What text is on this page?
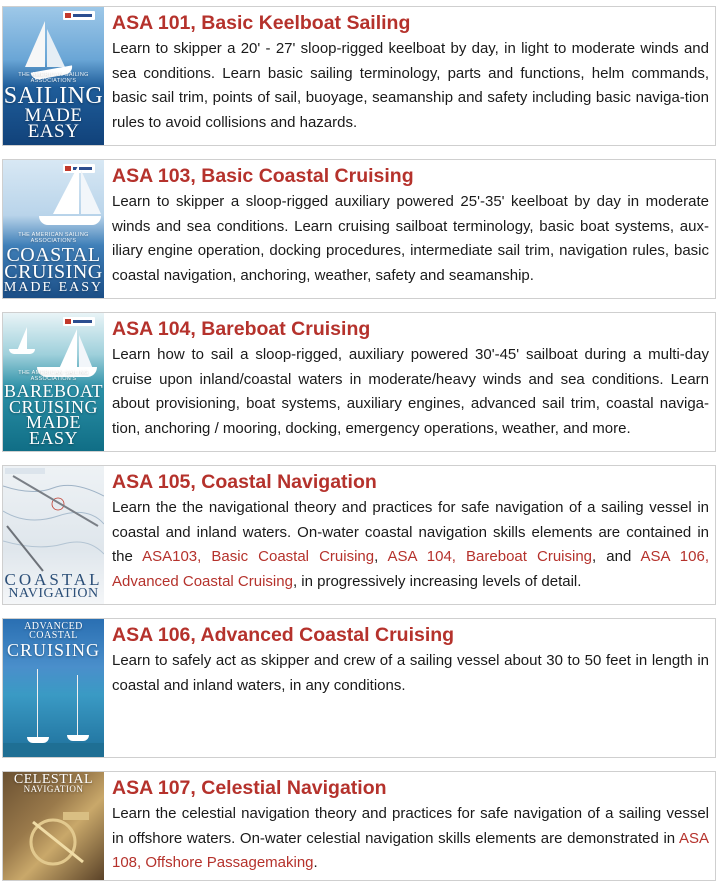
THE AMERICAN SAILING ASSOCIATION'S
SAILING
MADE EASY
ASA 101, Basic Keelboat Sailing

Learn to skipper a 20' - 27' sloop-rigged keelboat by day, in light to moderate winds and sea conditions. Learn basic sailing terminology, parts and functions, helm commands, basic sail trim, points of sail, buoyage, seamanship and safety including basic naviga-tion rules to avoid collisions and hazards.

THE AMERICAN SAILING ASSOCIATION'S
COASTAL
CRUISING
MADE EASY
ASA 103, Basic Coastal Cruising

Learn to skipper a sloop-rigged auxiliary powered 25'-35' keelboat by day in moderate winds and sea conditions. Learn cruising sailboat terminology, basic boat systems, aux-iliary engine operation, docking procedures, intermediate sail trim, navigation rules, basic coastal navigation, anchoring, weather, safety and seamanship.

THE AMERICAN SAILING ASSOCIATION'S
BAREBOAT
CRUISING
MADE EASY
ASA 104, Bareboat Cruising

Learn how to sail a sloop-rigged, auxiliary powered 30'-45' sailboat during a multi-day cruise upon inland/coastal waters in moderate/heavy winds and sea conditions. Learn about provisioning, boat systems, auxiliary engines, advanced sail trim, coastal naviga-tion, anchoring / mooring, docking, emergency operations, weather, and more.

COASTAL
NAVIGATION
ASA 105, Coastal Navigation

Learn the the navigational theory and practices for safe navigation of a sailing vessel in coastal and inland waters. On-water coastal navigation skills elements are contained in the ASA103, Basic Coastal Cruising, ASA 104, Bareboat Cruising, and ASA 106, Advanced Coastal Cruising, in progressively increasing levels of detail.

ADVANCED COASTAL
CRUISING
ASA 106, Advanced Coastal Cruising

Learn to safely act as skipper and crew of a sailing vessel about 30 to 50 feet in length in coastal and inland waters, in any conditions.

CELESTIAL
NAVIGATION	ASA 107, Celestial Navigation

Learn the celestial navigation theory and practices for safe navigation of a sailing vessel in offshore waters. On-water celestial navigation skills elements are demonstrated in ASA 108, Offshore Passagemaking.
